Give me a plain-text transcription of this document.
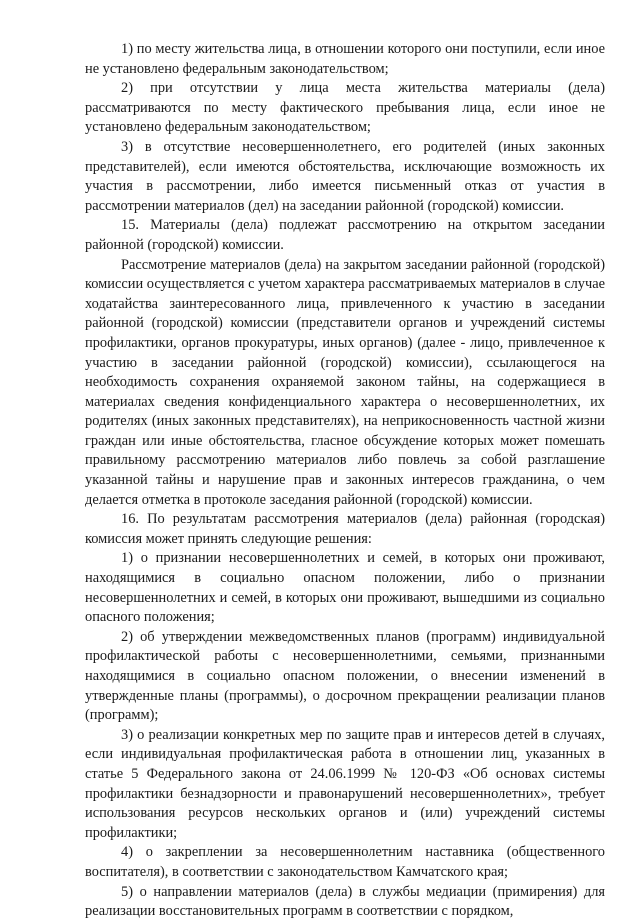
1) по месту жительства лица, в отношении которого они поступили, если иное не установлено федеральным законодательством;

2) при отсутствии у лица места жительства материалы (дела) рассматриваются по месту фактического пребывания лица, если иное не установлено федеральным законодательством;

3) в отсутствие несовершеннолетнего, его родителей (иных законных представителей), если имеются обстоятельства, исключающие возможность их участия в рассмотрении, либо имеется письменный отказ от участия в рассмотрении материалов (дел) на заседании районной (городской) комиссии.

15. Материалы (дела) подлежат рассмотрению на открытом заседании районной (городской) комиссии.

Рассмотрение материалов (дела) на закрытом заседании районной (городской) комиссии осуществляется с учетом характера рассматриваемых материалов в случае ходатайства заинтересованного лица, привлеченного к участию в заседании районной (городской) комиссии (представители органов и учреждений системы профилактики, органов прокуратуры, иных органов) (далее - лицо, привлеченное к участию в заседании районной (городской) комиссии), ссылающегося на необходимость сохранения охраняемой законом тайны, на содержащиеся в материалах сведения конфиденциального характера о несовершеннолетних, их родителях (иных законных представителях), на неприкосновенность частной жизни граждан или иные обстоятельства, гласное обсуждение которых может помешать правильному рассмотрению материалов либо повлечь за собой разглашение указанной тайны и нарушение прав и законных интересов гражданина, о чем делается отметка в протоколе заседания районной (городской) комиссии.

16. По результатам рассмотрения материалов (дела) районная (городская) комиссия может принять следующие решения:

1) о признании несовершеннолетних и семей, в которых они проживают, находящимися в социально опасном положении, либо о признании несовершеннолетних и семей, в которых они проживают, вышедшими из социально опасного положения;

2) об утверждении межведомственных планов (программ) индивидуальной профилактической работы с несовершеннолетними, семьями, признанными находящимися в социально опасном положении, о внесении изменений в утвержденные планы (программы), о досрочном прекращении реализации планов (программ);

3) о реализации конкретных мер по защите прав и интересов детей в случаях, если индивидуальная профилактическая работа в отношении лиц, указанных в статье 5 Федерального закона от 24.06.1999 № 120-ФЗ «Об основах системы профилактики безнадзорности и правонарушений несовершеннолетних», требует использования ресурсов нескольких органов и (или) учреждений системы профилактики;

4) о закреплении за несовершеннолетним наставника (общественного воспитателя), в соответствии с законодательством Камчатского края;

5) о направлении материалов (дела) в службы медиации (примирения) для реализации восстановительных программ в соответствии с порядком,
